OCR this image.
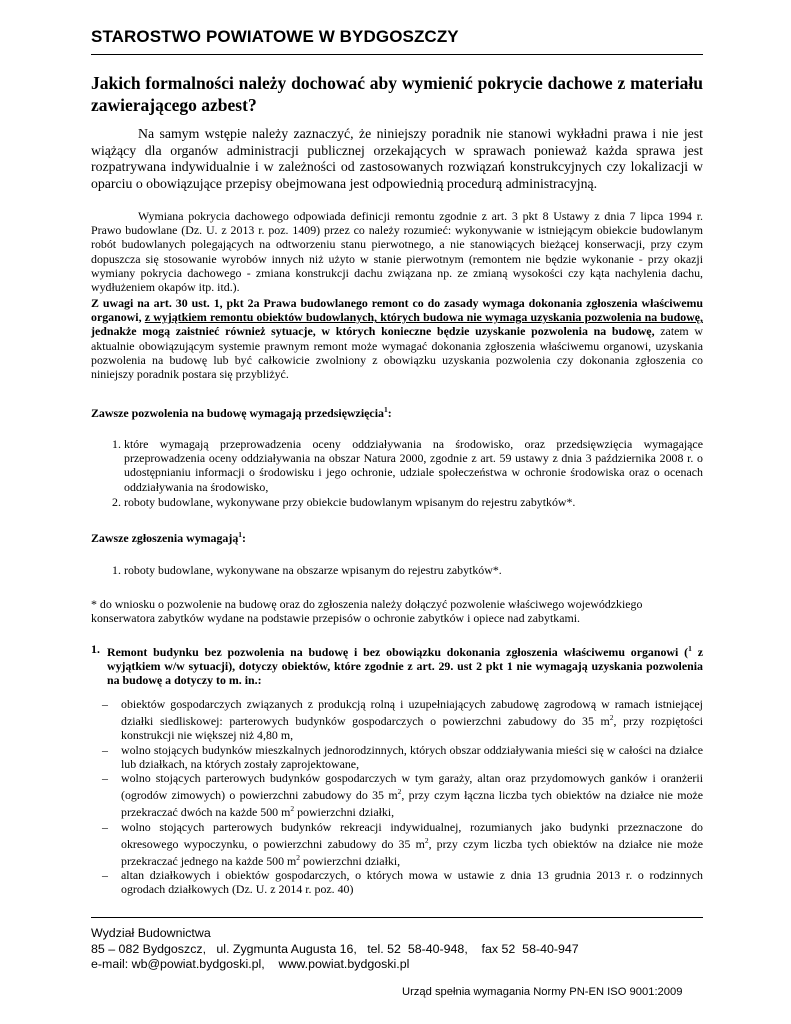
STAROSTWO POWIATOWE W BYDGOSZCZY
Jakich formalności należy dochować aby wymienić pokrycie dachowe z materiału zawierającego azbest?
Na samym wstępie należy zaznaczyć, że niniejszy poradnik nie stanowi wykładni prawa i nie jest wiążący dla organów administracji publicznej orzekających w sprawach ponieważ każda sprawa jest rozpatrywana indywidualnie i w zależności od zastosowanych rozwiązań konstrukcyjnych czy lokalizacji w oparciu o obowiązujące przepisy obejmowana jest odpowiednią procedurą administracyjną.
Wymiana pokrycia dachowego odpowiada definicji remontu zgodnie z art. 3 pkt 8 Ustawy z dnia 7 lipca 1994 r. Prawo budowlane (Dz. U. z 2013 r. poz. 1409) przez co należy rozumieć: wykonywanie w istniejącym obiekcie budowlanym robót budowlanych polegających na odtworzeniu stanu pierwotnego, a nie stanowiących bieżącej konserwacji, przy czym dopuszcza się stosowanie wyrobów innych niż użyto w stanie pierwotnym (remontem nie będzie wykonanie - przy okazji wymiany pokrycia dachowego - zmiana konstrukcji dachu związana np. ze zmianą wysokości czy kąta nachylenia dachu, wydłużeniem okapów itp. itd.).
Z uwagi na art. 30 ust. 1, pkt 2a Prawa budowlanego remont co do zasady wymaga dokonania zgłoszenia właściwemu organowi, z wyjątkiem remontu obiektów budowlanych, których budowa nie wymaga uzyskania pozwolenia na budowę, jednakże mogą zaistnieć również sytuacje, w których konieczne będzie uzyskanie pozwolenia na budowę, zatem w aktualnie obowiązującym systemie prawnym remont może wymagać dokonania zgłoszenia właściwemu organowi, uzyskania pozwolenia na budowę lub być całkowicie zwolniony z obowiązku uzyskania pozwolenia czy dokonania zgłoszenia co niniejszy poradnik postara się przybliżyć.
Zawsze pozwolenia na budowę wymagają przedsięwzięcia$^1$:
1. które wymagają przeprowadzenia oceny oddziaływania na środowisko, oraz przedsięwzięcia wymagające przeprowadzenia oceny oddziaływania na obszar Natura 2000, zgodnie z art. 59 ustawy z dnia 3 października 2008 r. o udostępnianiu informacji o środowisku i jego ochronie, udziale społeczeństwa w ochronie środowiska oraz o ocenach oddziaływania na środowisko,
2. roboty budowlane, wykonywane przy obiekcie budowlanym wpisanym do rejestru zabytków*.
Zawsze zgłoszenia wymagają$^1$:
1. roboty budowlane, wykonywane na obszarze wpisanym do rejestru zabytków*.
* do wniosku o pozwolenie na budowę oraz do zgłoszenia należy dołączyć pozwolenie właściwego wojewódzkiego konserwatora zabytków wydane na podstawie przepisów o ochronie zabytków i opiece nad zabytkami.
1. Remont budynku bez pozwolenia na budowę i bez obowiązku dokonania zgłoszenia właściwemu organowi ($^1$ z wyjątkiem w/w sytuacji), dotyczy obiektów, które zgodnie z art. 29. ust 2 pkt 1 nie wymagają uzyskania pozwolenia na budowę a dotyczy to m. in.:
– obiektów gospodarczych związanych z produkcją rolną i uzupełniających zabudowę zagrodową w ramach istniejącej działki siedliskowej: parterowych budynków gospodarczych o powierzchni zabudowy do 35 $m^2$, przy rozpiętości konstrukcji nie większej niż 4,80 m,
– wolno stojących budynków mieszkalnych jednorodzinnych, których obszar oddziaływania mieści się w całości na działce lub działkach, na których zostały zaprojektowane,
– wolno stojących parterowych budynków gospodarczych w tym garaży, altan oraz przydomowych ganków i oranżerii (ogrodów zimowych) o powierzchni zabudowy do 35 $m^2$, przy czym łączna liczba tych obiektów na działce nie może przekraczać dwóch na każde 500 $m^2$ powierzchni działki,
– wolno stojących parterowych budynków rekreacji indywidualnej, rozumianych jako budynki przeznaczone do okresowego wypoczynku, o powierzchni zabudowy do 35 $m^2$, przy czym liczba tych obiektów na działce nie może przekraczać jednego na każde 500 $m^2$ powierzchni działki,
– altan działkowych i obiektów gospodarczych, o których mowa w ustawie z dnia 13 grudnia 2013 r. o rodzinnych ogrodach działkowych (Dz. U. z 2014 r. poz. 40)
Wydział Budownictwa
85 – 082 Bydgoszcz,   ul. Zygmunta Augusta 16,   tel. 52  58-40-948,    fax 52  58-40-947
e-mail: wb@powiat.bydgoski.pl,    www.powiat.bydgoski.pl
Urząd spełnia wymagania Normy PN-EN ISO 9001:2009
